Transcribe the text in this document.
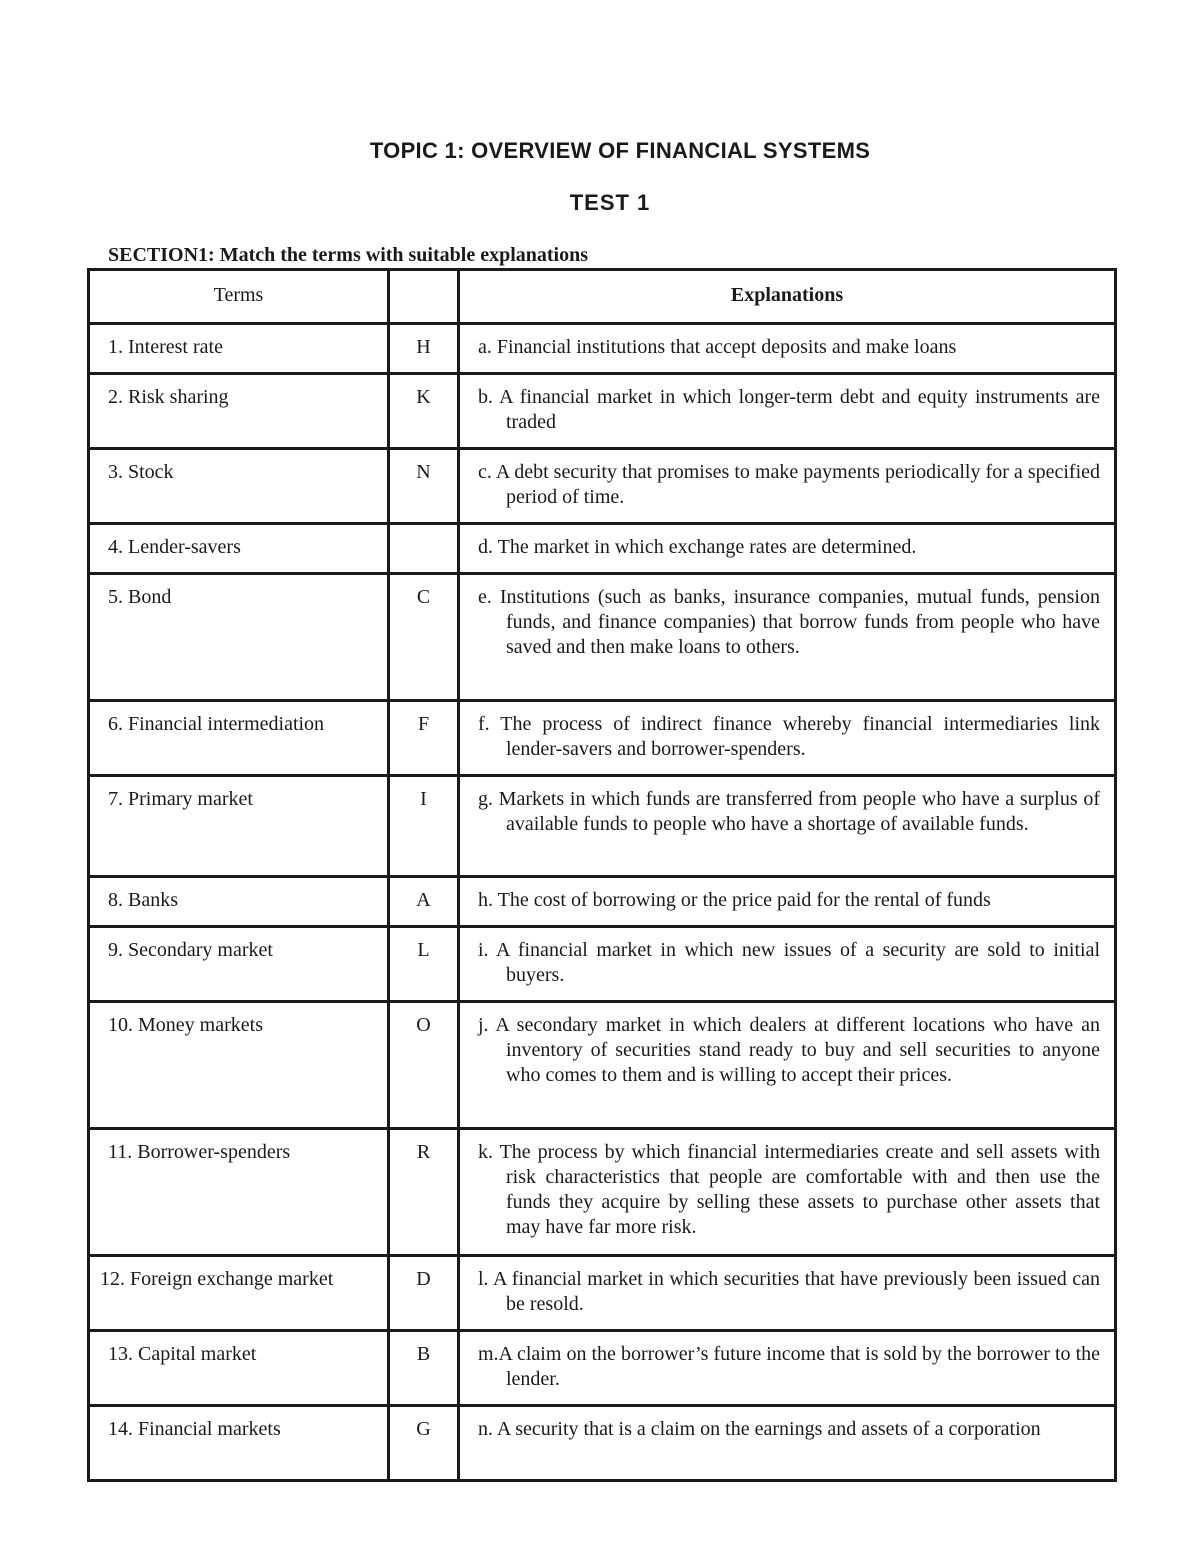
TOPIC 1: OVERVIEW OF FINANCIAL SYSTEMS
TEST 1

SECTION1: Match the terms with suitable explanations

Terms		Explanations
1. Interest rate	H	a. Financial institutions that accept deposits and make loans

2. Risk sharing	K	b. A financial market in which longer-term debt and equity instruments are traded

3. Stock	N	c. A debt security that promises to make payments periodically for a specified period of time.

4. Lender-savers		d. The market in which exchange rates are determined.

5. Bond	C	e. Institutions (such as banks, insurance companies, mutual funds, pension funds, and finance companies) that borrow funds from people who have saved and then make loans to others.

6. Financial intermediation	F	f. The process of indirect finance whereby financial intermediaries link lender-savers and borrower-spenders.

7. Primary market	I	g. Markets in which funds are transferred from people who have a surplus of available funds to people who have a shortage of available funds.

8. Banks	A	h. The cost of borrowing or the price paid for the rental of funds

9. Secondary market	L	i. A financial market in which new issues of a security are sold to initial buyers.

10. Money markets	O	j. A secondary market in which dealers at different locations who have an inventory of securities stand ready to buy and sell securities to anyone who comes to them and is willing to accept their prices.

11. Borrower-spenders	R	k. The process by which financial intermediaries create and sell assets with risk characteristics that people are comfortable with and then use the funds they acquire by selling these assets to purchase other assets that may have far more risk.

12. Foreign exchange market	D	l. A financial market in which securities that have previously been issued can be resold.

13. Capital market	B	m.A claim on the borrower’s future income that is sold by the borrower to the lender.

14. Financial markets	G	n. A security that is a claim on the earnings and assets of a corporation
